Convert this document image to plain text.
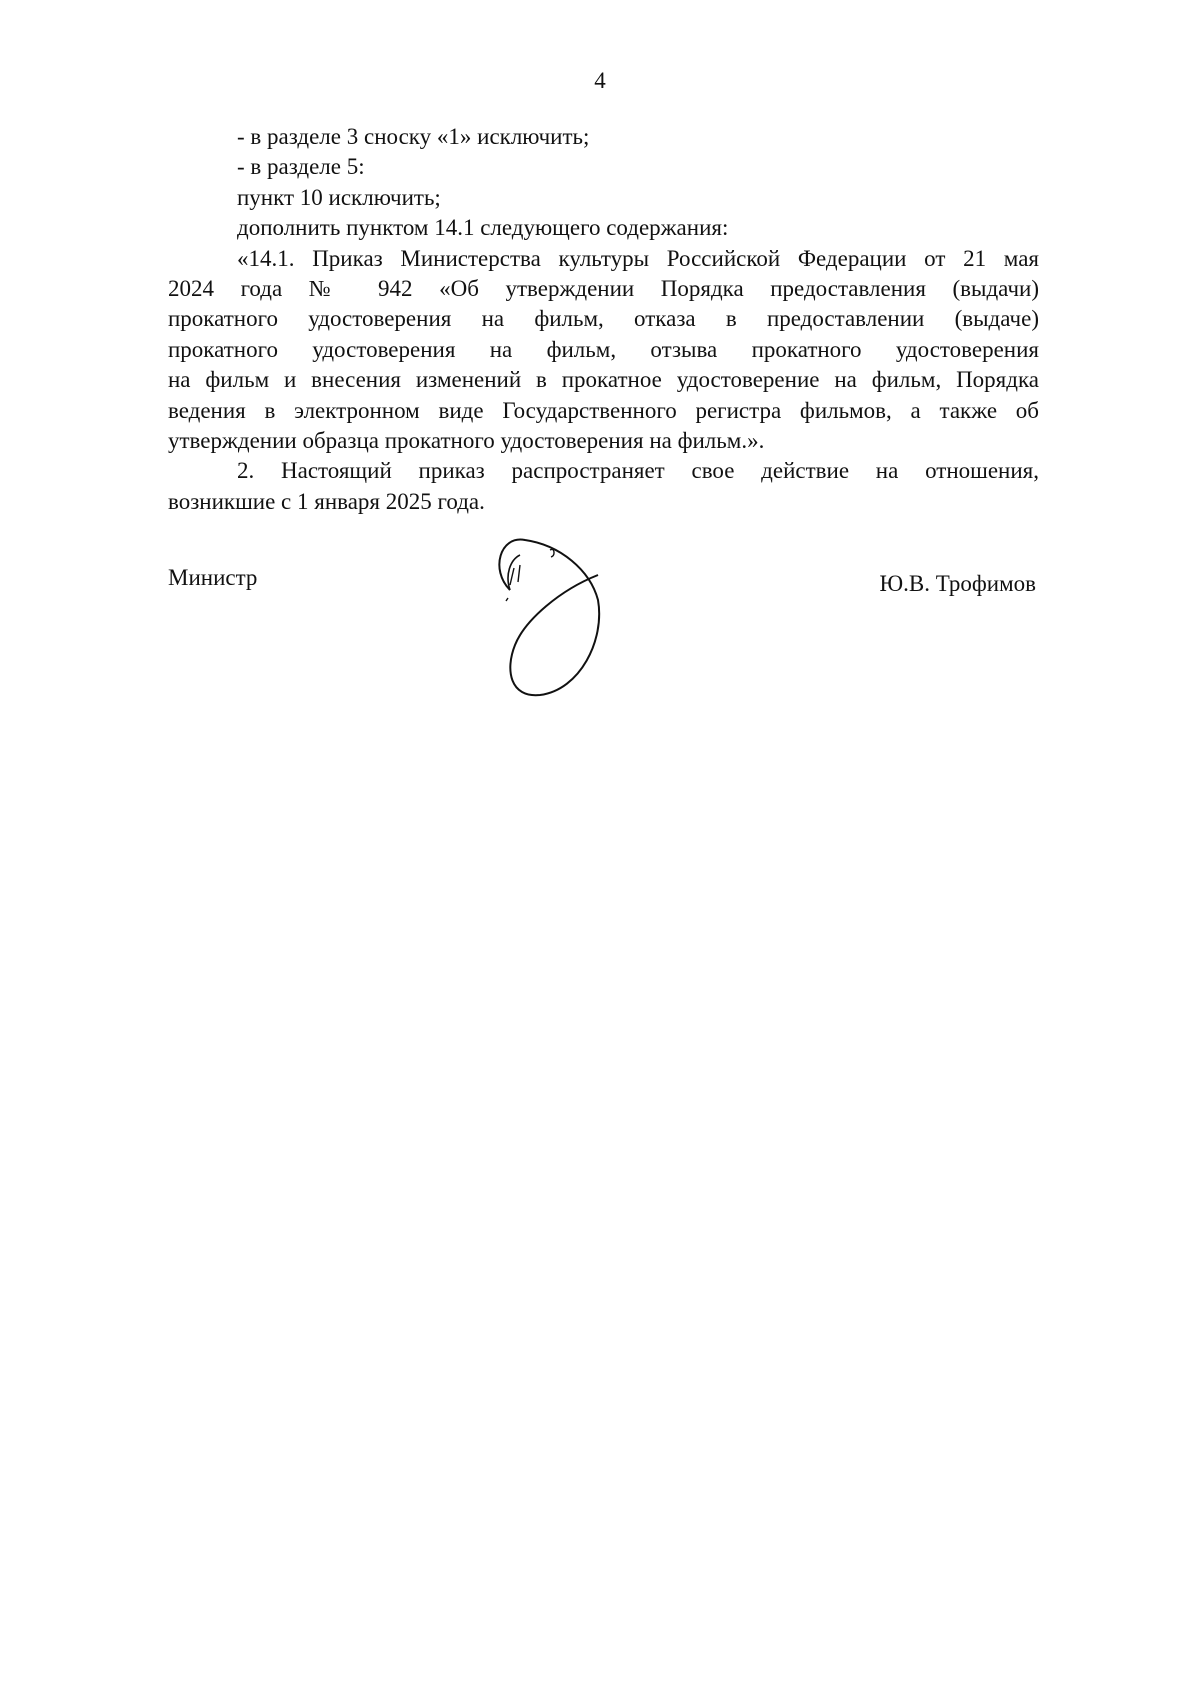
4
- в разделе 3 сноску «1» исключить;
- в разделе 5:
пункт 10 исключить;
дополнить пунктом 14.1 следующего содержания:
«14.1. Приказ Министерства культуры Российской Федерации от 21 мая
2024 года № 942 «Об утверждении Порядка предоставления (выдачи)
прокатного удостоверения на фильм, отказа в предоставлении (выдаче)
прокатного удостоверения на фильм, отзыва прокатного удостоверения
на фильм и внесения изменений в прокатное удостоверение на фильм, Порядка
ведения в электронном виде Государственного регистра фильмов, а также об
утверждении образца прокатного удостоверения на фильм.».
2. Настоящий приказ распространяет свое действие на отношения,
возникшие с 1 января 2025 года.
Министр	Ю.В. Трофимов
